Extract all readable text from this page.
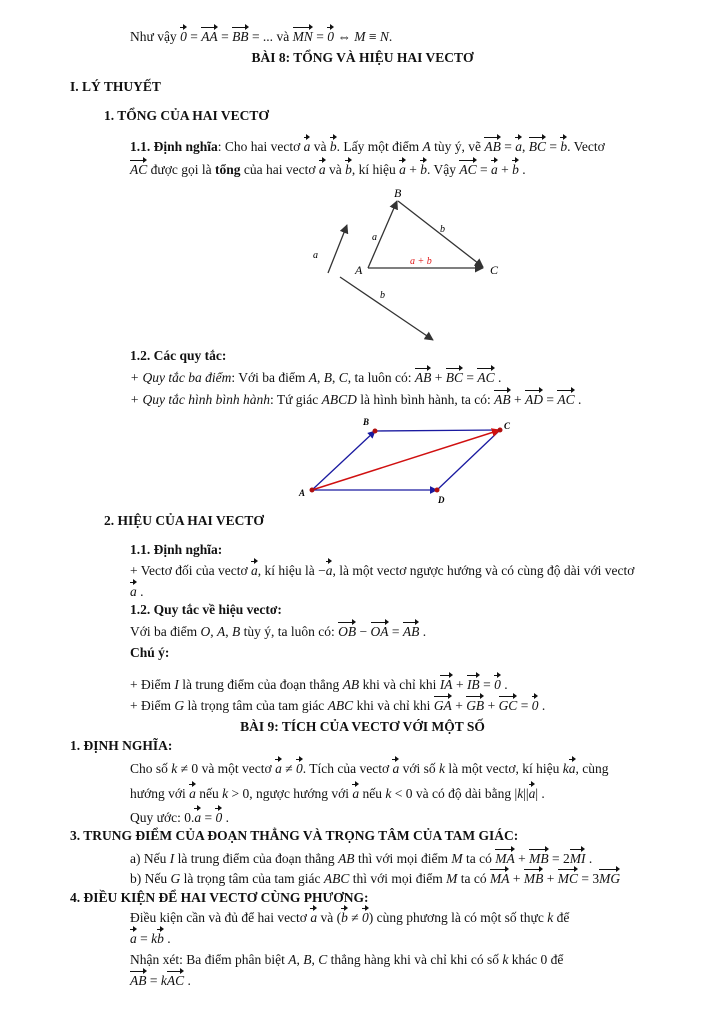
Như vậy 0 = AA = BB = ... và MN = 0 ⇔ M ≡ N.
BÀI 8: TỔNG VÀ HIỆU HAI VECTƠ
I. LÝ THUYẾT
1. TỔNG CỦA HAI VECTƠ
1.1. Định nghĩa: Cho hai vectơ a và b. Lấy một điểm A tùy ý, vẽ AB = a, BC = b. Vectơ
AC được gọi là tổng của hai vectơ a và b, kí hiệu a + b. Vậy AC = a + b .
B
A	C
a
a
b
b
a + b
1.2. Các quy tắc:
+ Quy tắc ba điểm: Với ba điểm A, B, C, ta luôn có: AB + BC = AC .
+ Quy tắc hình bình hành: Tứ giác ABCD là hình bình hành, ta có: AB + AD = AC .
A
B	C
D
2. HIỆU CỦA HAI VECTƠ
1.1. Định nghĩa:
+ Vectơ đối của vectơ a, kí hiệu là −a, là một vectơ ngược hướng và có cùng độ dài với vectơ
a .
1.2. Quy tắc về hiệu vectơ:
Với ba điểm O, A, B tùy ý, ta luôn có: OB − OA = AB .
Chú ý:
+ Điểm I là trung điểm của đoạn thẳng AB khi và chỉ khi IA + IB = 0 .
+ Điểm G là trọng tâm của tam giác ABC khi và chỉ khi GA + GB + GC = 0 .
BÀI 9: TÍCH CỦA VECTƠ VỚI MỘT SỐ
1. ĐỊNH NGHĨA:
Cho số k ≠ 0 và một vectơ a ≠ 0. Tích của vectơ a với số k là một vectơ, kí hiệu ka, cùng
hướng với a nếu k > 0, ngược hướng với a nếu k < 0 và có độ dài bằng |k||a| .
Quy ước: 0.a = 0 .
3. TRUNG ĐIỂM CỦA ĐOẠN THẲNG VÀ TRỌNG TÂM CỦA TAM GIÁC:
a) Nếu I là trung điểm của đoạn thẳng AB thì với mọi điểm M ta có MA + MB = 2MI .
b) Nếu G là trọng tâm của tam giác ABC thì với mọi điểm M ta có MA + MB + MC = 3MG
4. ĐIỀU KIỆN ĐỂ HAI VECTƠ CÙNG PHƯƠNG:
Điều kiện cần và đủ để hai vectơ a và (b ≠ 0) cùng phương là có một số thực k để
a = kb .
Nhận xét: Ba điểm phân biệt A, B, C thẳng hàng khi và chỉ khi có số k khác 0 để
AB = kAC .
